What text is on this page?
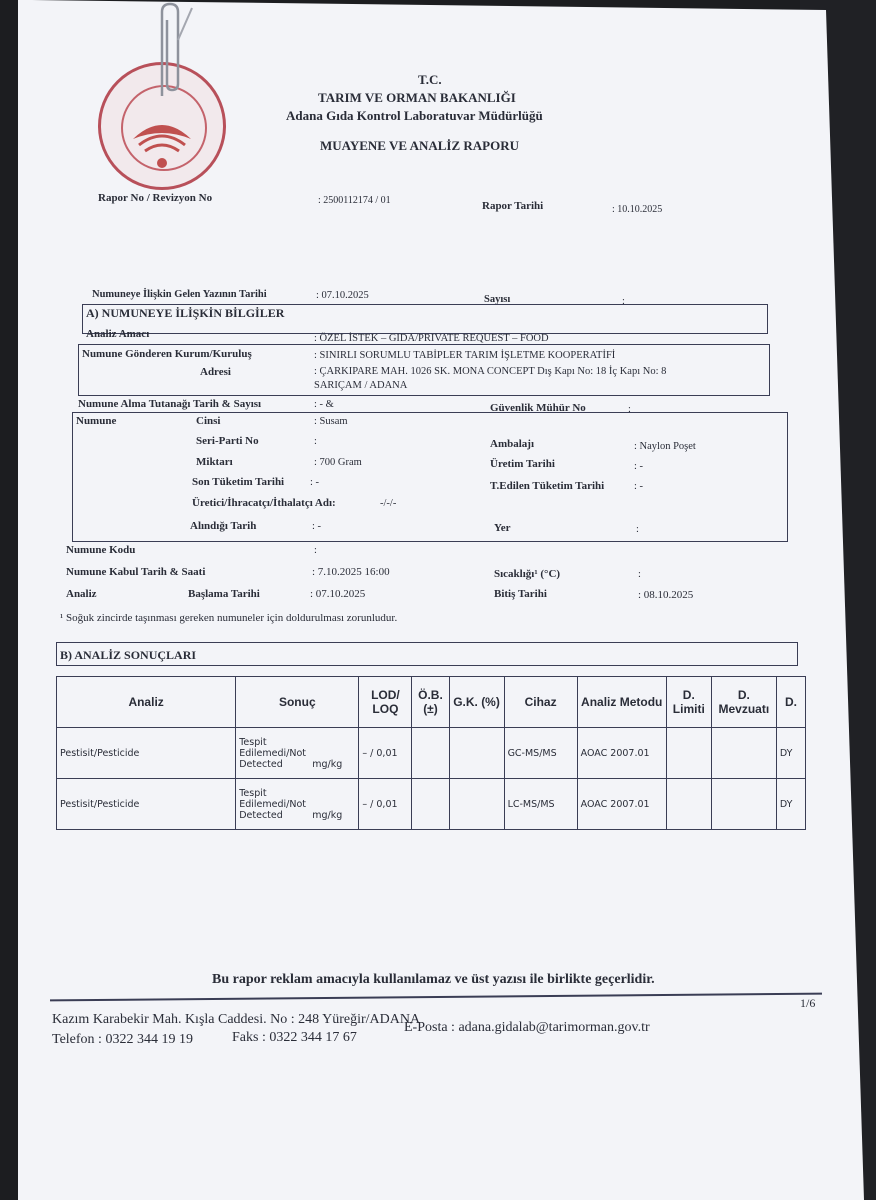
T.C.
TARIM VE ORMAN BAKANLIĞI
Adana Gıda Kontrol Laboratuvar Müdürlüğü
MUAYENE VE ANALİZ RAPORU
Rapor No / Revizyon No	: 2500112174 / 01	Rapor Tarihi	: 10.10.2025
Numuneye İlişkin Gelen Yazının Tarihi	: 07.10.2025	Sayısı	:
A) NUMUNEYE İLİŞKİN BİLGİLER
Analiz Amacı	: ÖZEL İSTEK – GIDA/PRIVATE REQUEST – FOOD
Numune Gönderen Kurum/Kuruluş	: SINIRLI SORUMLU TABİPLER TARIM İŞLETME KOOPERATİFİ
Adresi	: ÇARKIPARE MAH. 1026 SK. MONA CONCEPT Dış Kapı No: 18 İç Kapı No: 8
SARIÇAM / ADANA
Numune Alma Tutanağı Tarih & Sayısı	: - &	Güvenlik Mühür No	:
Numune	Cinsi	: Susam
Seri-Parti No	:	Ambalajı	: Naylon Poşet
Miktarı	: 700 Gram	Üretim Tarihi	: -
Son Tüketim Tarihi : -	T.Edilen Tüketim Tarihi	: -
Üretici/İhracatçı/İthalatçı Adı:	-/-/-
Alındığı Tarih	: -	Yer	:
Numune Kodu	:
Numune Kabul Tarih & Saati	: 7.10.2025 16:00	Sıcaklığı¹ (°C)	:
Analiz	Başlama Tarihi	: 07.10.2025	Bitiş Tarihi	: 08.10.2025
¹ Soğuk zincirde taşınması gereken numuneler için doldurulması zorunludur.
B) ANALİZ SONUÇLARI
Analiz	Sonuç	LOD/ LOQ	Ö.B. (±)	G.K. (%)	Cihaz	Analiz Metodu	D. Limiti	D. Mevzuatı	D.
Pestisit/Pesticide	Tespit Edilemedi/Not Detected mg/kg	– / 0,01			GC-MS/MS	AOAC 2007.01			DY
Pestisit/Pesticide	Tespit Edilemedi/Not Detected mg/kg	– / 0,01			LC-MS/MS	AOAC 2007.01			DY
Bu rapor reklam amacıyla kullanılamaz ve üst yazısı ile birlikte geçerlidir.
1/6
Kazım Karabekir Mah. Kışla Caddesi. No : 248 Yüreğir/ADANA
Telefon : 0322 344 19 19	Faks : 0322 344 17 67
E-Posta : adana.gidalab@tarimorman.gov.tr
